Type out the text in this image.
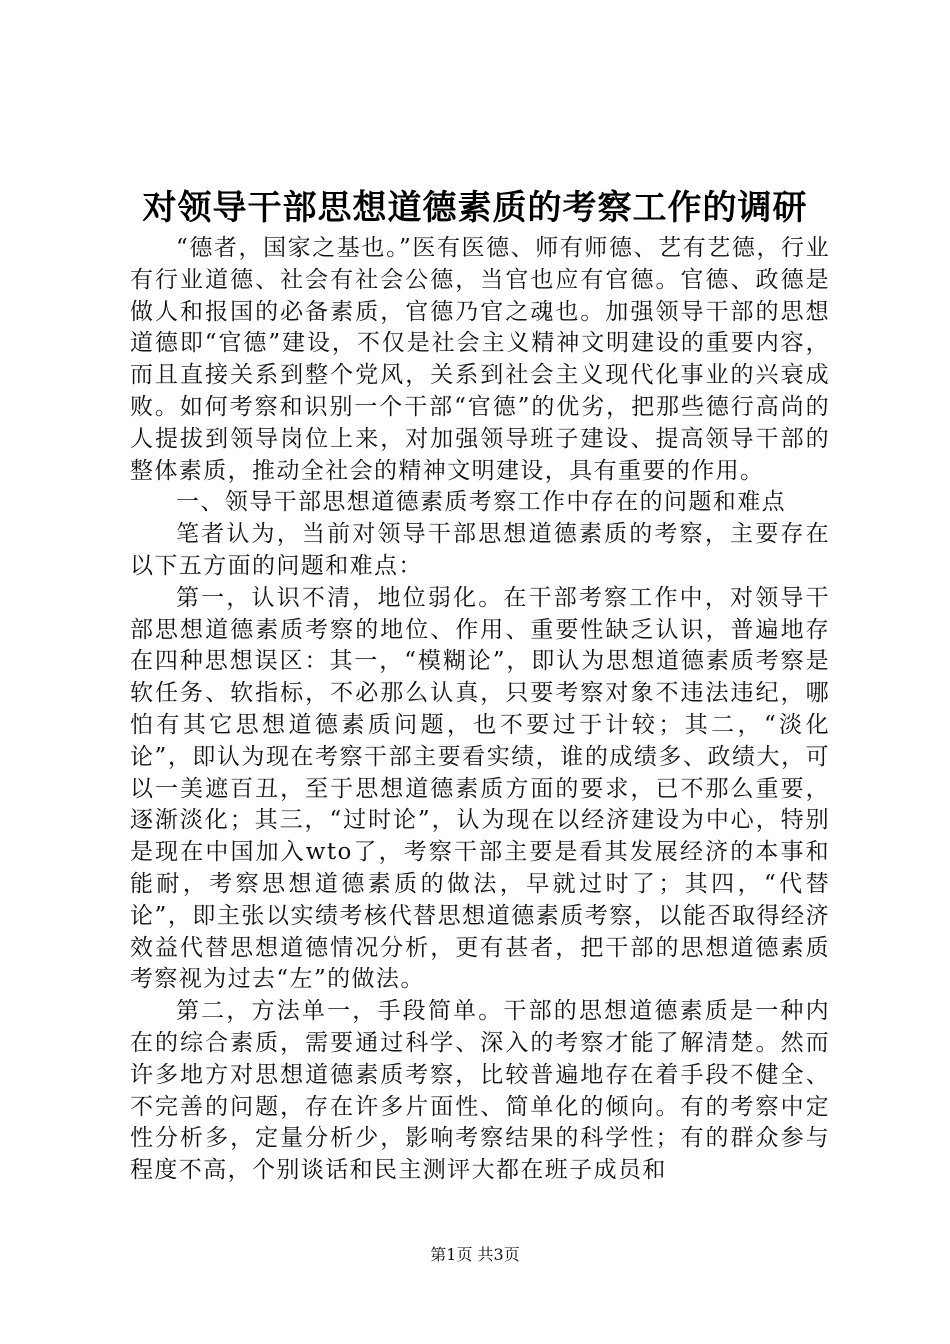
对领导干部思想道德素质的考察工作的调研

“德者，国家之基也。”医有医德、师有师德、艺有艺德，行业有行业道德、社会有社会公德，当官也应有官德。官德、政德是做人和报国的必备素质，官德乃官之魂也。加强领导干部的思想道德即“官德”建设，不仅是社会主义精神文明建设的重要内容，而且直接关系到整个党风，关系到社会主义现代化事业的兴衰成败。如何考察和识别一个干部“官德”的优劣，把那些德行高尚的人提拔到领导岗位上来，对加强领导班子建设、提高领导干部的整体素质，推动全社会的精神文明建设，具有重要的作用。

一、领导干部思想道德素质考察工作中存在的问题和难点

笔者认为，当前对领导干部思想道德素质的考察，主要存在以下五方面的问题和难点：

第一，认识不清，地位弱化。在干部考察工作中，对领导干部思想道德素质考察的地位、作用、重要性缺乏认识，普遍地存在四种思想误区：其一，“模糊论”，即认为思想道德素质考察是软任务、软指标，不必那么认真，只要考察对象不违法违纪，哪怕有其它思想道德素质问题，也不要过于计较；其二，“淡化论”，即认为现在考察干部主要看实绩，谁的成绩多、政绩大，可以一美遮百丑，至于思想道德素质方面的要求，已不那么重要，逐渐淡化；其三，“过时论”，认为现在以经济建设为中心，特别是现在中国加入wto了，考察干部主要是看其发展经济的本事和能耐，考察思想道德素质的做法，早就过时了；其四，“代替论”，即主张以实绩考核代替思想道德素质考察，以能否取得经济效益代替思想道德情况分析，更有甚者，把干部的思想道德素质考察视为过去“左”的做法。

第二，方法单一，手段简单。干部的思想道德素质是一种内在的综合素质，需要通过科学、深入的考察才能了解清楚。然而许多地方对思想道德素质考察，比较普遍地存在着手段不健全、不完善的问题，存在许多片面性、简单化的倾向。有的考察中定性分析多，定量分析少，影响考察结果的科学性；有的群众参与程度不高，个别谈话和民主测评大都在班子成员和

第1页 共3页
